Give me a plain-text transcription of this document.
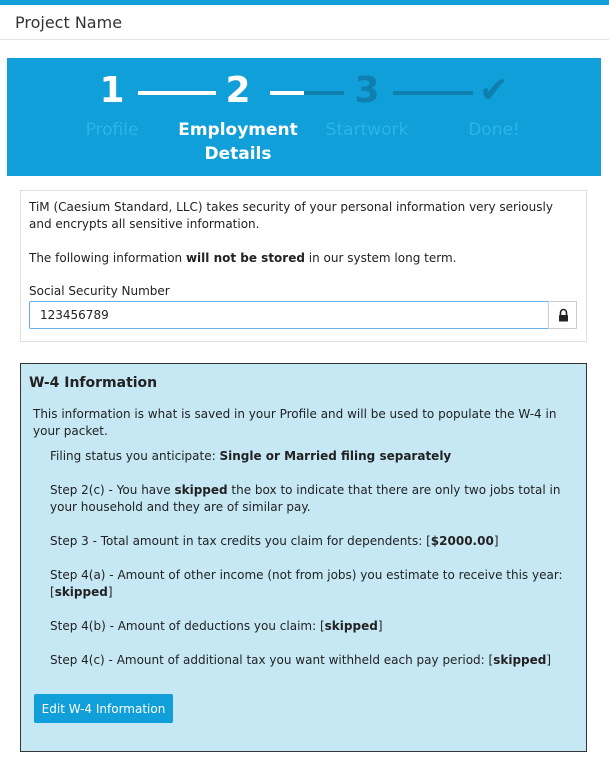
Project Name
1
Profile
2
Employment
Details
3
Startwork
✔
Done!
TiM (Caesium Standard, LLC) takes security of your personal information very seriously and encrypts all sensitive information.
The following information will not be stored in our system long term.
Social Security Number
123456789
W-4 Information
This information is what is saved in your Profile and will be used to populate the W-4 in your packet.
Filing status you anticipate: Single or Married filing separately
Step 2(c) - You have skipped the box to indicate that there are only two jobs total in your household and they are of similar pay.
Step 3 - Total amount in tax credits you claim for dependents: [$2000.00]
Step 4(a) - Amount of other income (not from jobs) you estimate to receive this year: [skipped]
Step 4(b) - Amount of deductions you claim: [skipped]
Step 4(c) - Amount of additional tax you want withheld each pay period: [skipped]
Edit W-4 Information
